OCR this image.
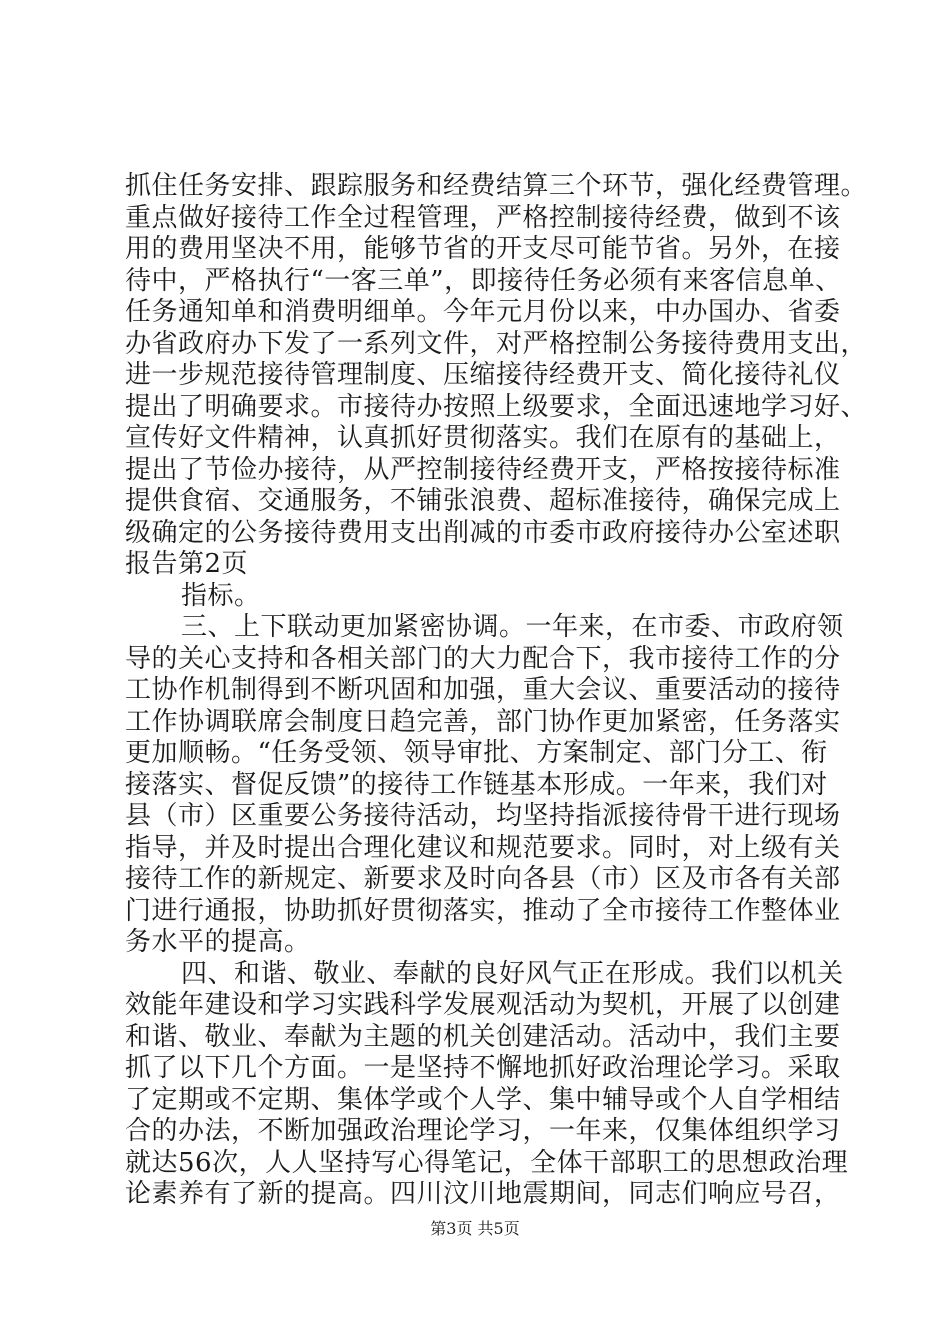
抓住任务安排、跟踪服务和经费结算三个环节，强化经费管理。
重点做好接待工作全过程管理，严格控制接待经费，做到不该
用的费用坚决不用，能够节省的开支尽可能节省。另外，在接
待中，严格执行“一客三单”，即接待任务必须有来客信息单、
任务通知单和消费明细单。今年元月份以来，中办国办、省委
办省政府办下发了一系列文件，对严格控制公务接待费用支出，
进一步规范接待管理制度、压缩接待经费开支、简化接待礼仪
提出了明确要求。市接待办按照上级要求，全面迅速地学习好、
宣传好文件精神，认真抓好贯彻落实。我们在原有的基础上，
提出了节俭办接待，从严控制接待经费开支，严格按接待标准
提供食宿、交通服务，不铺张浪费、超标准接待，确保完成上
级确定的公务接待费用支出削减的市委市政府接待办公室述职
报告第2页
指标。
三、上下联动更加紧密协调。一年来，在市委、市政府领
导的关心支持和各相关部门的大力配合下，我市接待工作的分
工协作机制得到不断巩固和加强，重大会议、重要活动的接待
工作协调联席会制度日趋完善，部门协作更加紧密，任务落实
更加顺畅。“任务受领、领导审批、方案制定、部门分工、衔
接落实、督促反馈”的接待工作链基本形成。一年来，我们对
县（市）区重要公务接待活动，均坚持指派接待骨干进行现场
指导，并及时提出合理化建议和规范要求。同时，对上级有关
接待工作的新规定、新要求及时向各县（市）区及市各有关部
门进行通报，协助抓好贯彻落实，推动了全市接待工作整体业
务水平的提高。
四、和谐、敬业、奉献的良好风气正在形成。我们以机关
效能年建设和学习实践科学发展观活动为契机，开展了以创建
和谐、敬业、奉献为主题的机关创建活动。活动中，我们主要
抓了以下几个方面。一是坚持不懈地抓好政治理论学习。采取
了定期或不定期、集体学或个人学、集中辅导或个人自学相结
合的办法，不断加强政治理论学习，一年来，仅集体组织学习
就达56次，人人坚持写心得笔记，全体干部职工的思想政治理
论素养有了新的提高。四川汶川地震期间，同志们响应号召，
第3页 共5页
